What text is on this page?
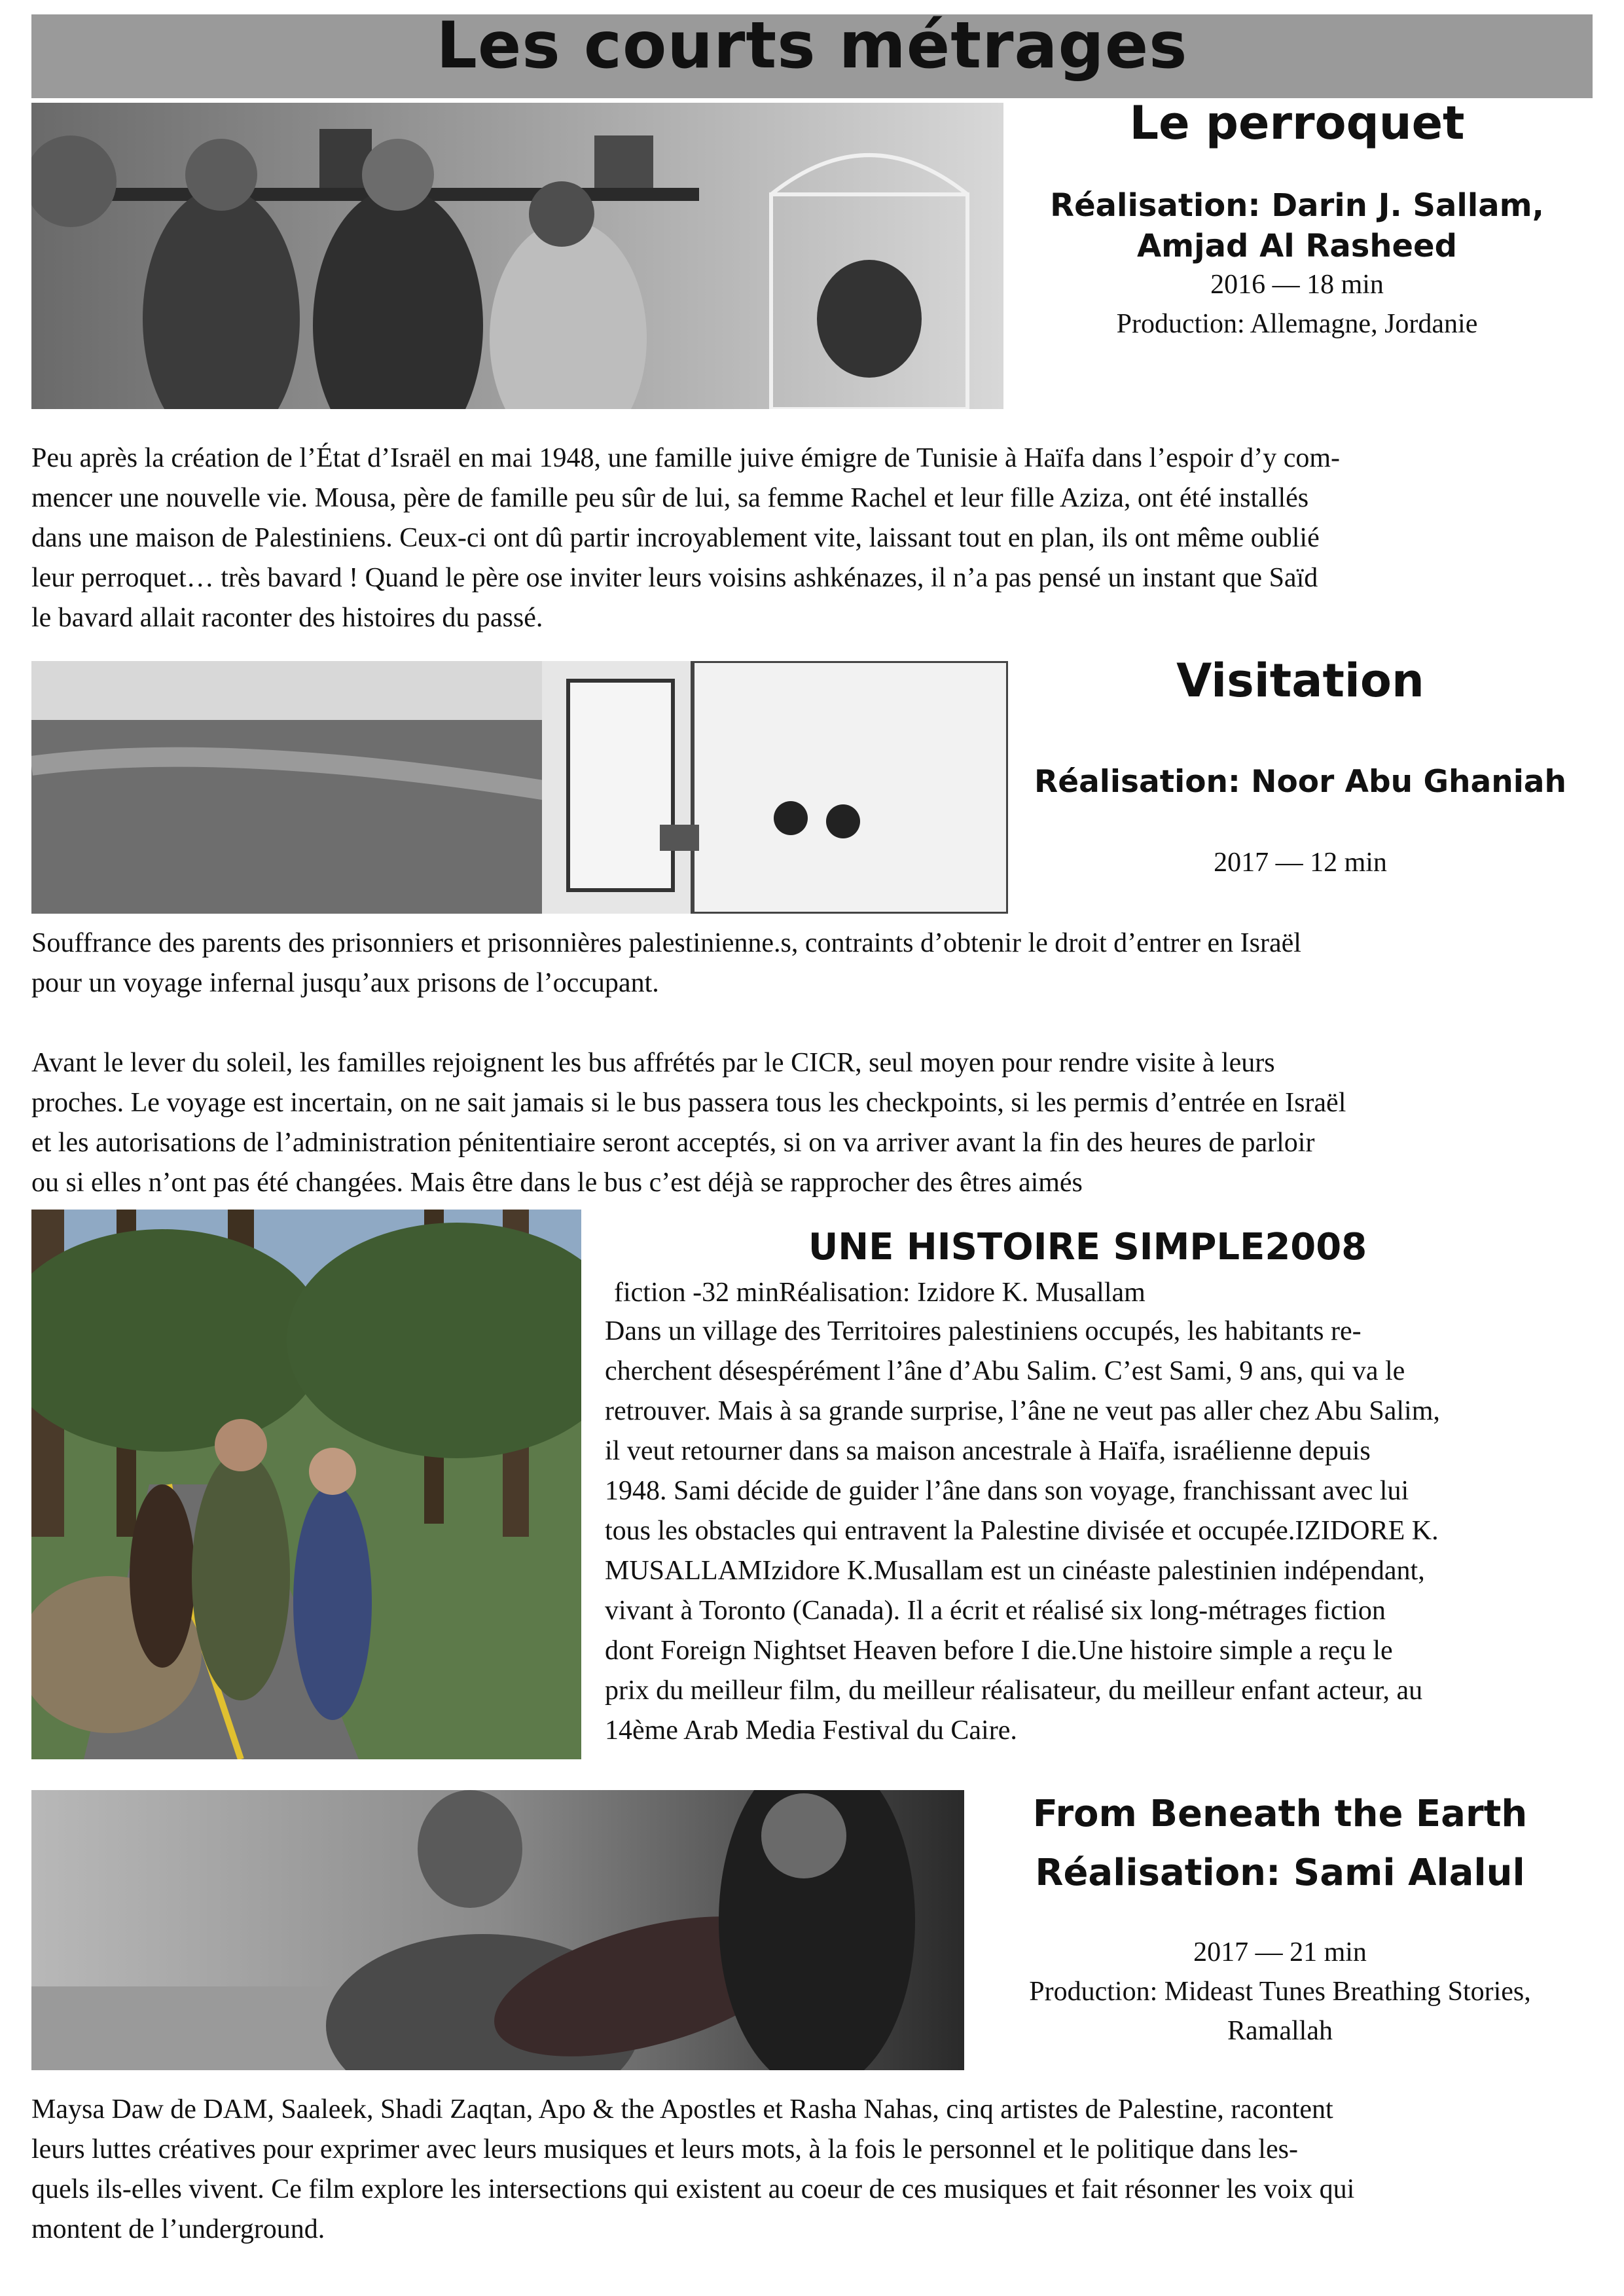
Les courts métrages
Le perroquet
Réalisation: Darin J. Sallam,
Amjad Al Rasheed
2016 — 18 min
Production: Allemagne, Jordanie
Peu après la création de l’État d’Israël en mai 1948, une famille juive émigre de Tunisie à Haïfa dans l’espoir d’y com-
mencer une nouvelle vie. Mousa, père de famille peu sûr de lui, sa femme Rachel et leur fille Aziza, ont été installés
dans une maison de Palestiniens. Ceux-ci ont dû partir incroyablement vite, laissant tout en plan, ils ont même oublié
leur perroquet… très bavard ! Quand le père ose inviter leurs voisins ashkénazes, il n’a pas pensé un instant que Saïd
le bavard allait raconter des histoires du passé.
Visitation
Réalisation: Noor Abu Ghaniah
2017 — 12 min
Souffrance des parents des prisonniers et prisonnières palestinienne.s, contraints d’obtenir le droit d’entrer en Israël
pour un voyage infernal jusqu’aux prisons de l’occupant.
Avant le lever du soleil, les familles rejoignent les bus affrétés par le CICR, seul moyen pour rendre visite à leurs
proches. Le voyage est incertain, on ne sait jamais si le bus passera tous les checkpoints, si les permis d’entrée en Israël
et les autorisations de l’administration pénitentiaire seront acceptés, si on va arriver avant la fin des heures de parloir
ou si elles n’ont pas été changées. Mais être dans le bus c’est déjà se rapprocher des êtres aimés
UNE HISTOIRE SIMPLE2008
fiction -32 minRéalisation: Izidore K. Musallam
Dans un village des Territoires palestiniens occupés, les habitants re-
cherchent désespérément l’âne d’Abu Salim. C’est Sami, 9 ans, qui va le
retrouver. Mais à sa grande surprise, l’âne ne veut pas aller chez Abu Salim,
il veut retourner dans sa maison ancestrale à Haïfa, israélienne depuis
1948. Sami décide de guider l’âne dans son voyage, franchissant avec lui
tous les obstacles qui entravent la Palestine divisée et occupée.IZIDORE K.
MUSALLAMIzidore K.Musallam est un cinéaste palestinien indépendant,
vivant à Toronto (Canada). Il a écrit et réalisé six long-métrages fiction
dont Foreign Nightset Heaven before I die.Une histoire simple a reçu le
prix du meilleur film, du meilleur réalisateur, du meilleur enfant acteur, au
14ème Arab Media Festival du Caire.
From Beneath the Earth
Réalisation: Sami Alalul
2017 — 21 min
Production: Mideast Tunes Breathing Stories,
Ramallah
Maysa Daw de DAM, Saaleek, Shadi Zaqtan, Apo & the Apostles et Rasha Nahas, cinq artistes de Palestine, racontent
leurs luttes créatives pour exprimer avec leurs musiques et leurs mots, à la fois le personnel et le politique dans les-
quels ils-elles vivent. Ce film explore les intersections qui existent au coeur de ces musiques et fait résonner les voix qui
montent de l’underground.
